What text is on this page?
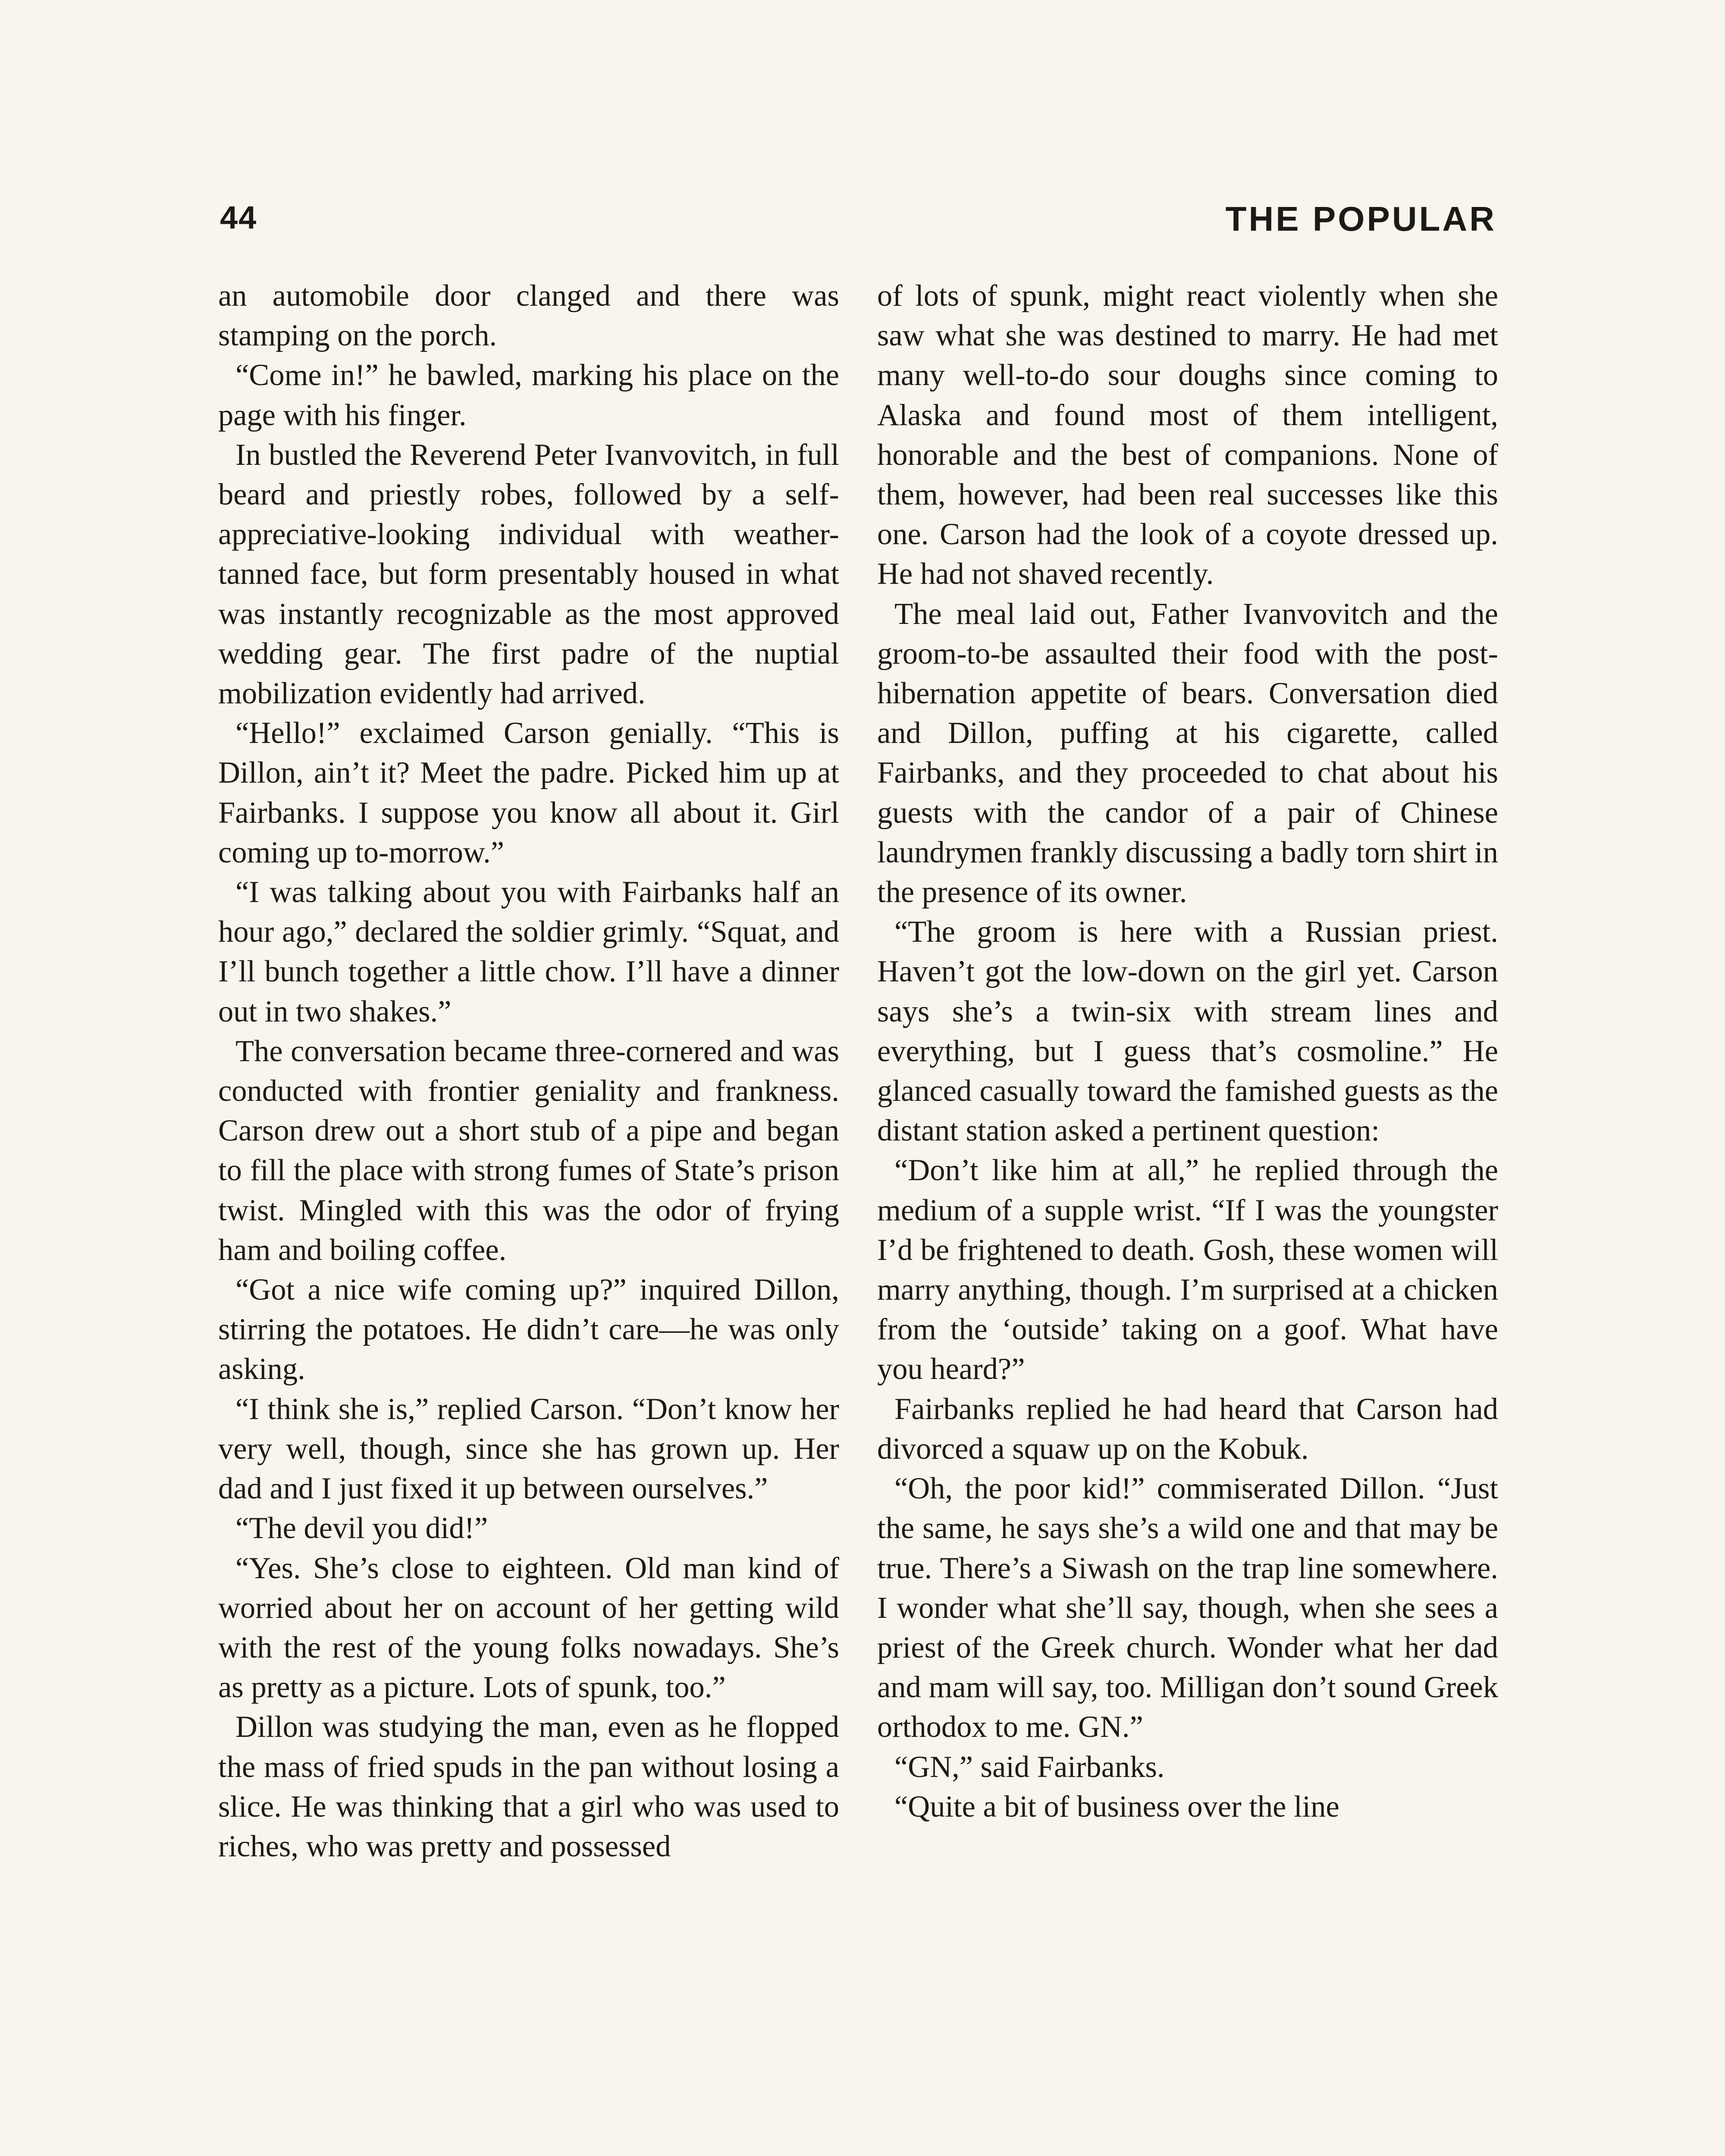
44	THE POPULAR

an automobile door clanged and there was stamping on the porch.

“Come in!” he bawled, marking his place on the page with his finger.

In bustled the Reverend Peter Ivanvovitch, in full beard and priestly robes, followed by a self-appreciative-looking individual with weather-tanned face, but form presentably housed in what was instantly recognizable as the most approved wedding gear. The first padre of the nuptial mobilization evidently had arrived.

“Hello!” exclaimed Carson genially. “This is Dillon, ain’t it? Meet the padre. Picked him up at Fairbanks. I suppose you know all about it. Girl coming up to-morrow.”

“I was talking about you with Fairbanks half an hour ago,” declared the soldier grimly. “Squat, and I’ll bunch together a little chow. I’ll have a dinner out in two shakes.”

The conversation became three-cornered and was conducted with frontier geniality and frankness. Carson drew out a short stub of a pipe and began to fill the place with strong fumes of State’s prison twist. Mingled with this was the odor of frying ham and boiling coffee.

“Got a nice wife coming up?” inquired Dillon, stirring the potatoes. He didn’t care—he was only asking.

“I think she is,” replied Carson. “Don’t know her very well, though, since she has grown up. Her dad and I just fixed it up between ourselves.”

“The devil you did!”

“Yes. She’s close to eighteen. Old man kind of worried about her on account of her getting wild with the rest of the young folks nowadays. She’s as pretty as a picture. Lots of spunk, too.”

Dillon was studying the man, even as he flopped the mass of fried spuds in the pan without losing a slice. He was thinking that a girl who was used to riches, who was pretty and possessed

of lots of spunk, might react violently when she saw what she was destined to marry. He had met many well-to-do sour doughs since coming to Alaska and found most of them intelligent, honorable and the best of companions. None of them, however, had been real successes like this one. Carson had the look of a coyote dressed up. He had not shaved recently.

The meal laid out, Father Ivanvovitch and the groom-to-be assaulted their food with the post-hibernation appetite of bears. Conversation died and Dillon, puffing at his cigarette, called Fairbanks, and they proceeded to chat about his guests with the candor of a pair of Chinese laundrymen frankly discussing a badly torn shirt in the presence of its owner.

“The groom is here with a Russian priest. Haven’t got the low-down on the girl yet. Carson says she’s a twin-six with stream lines and everything, but I guess that’s cosmoline.” He glanced casually toward the famished guests as the distant station asked a pertinent question:

“Don’t like him at all,” he replied through the medium of a supple wrist. “If I was the youngster I’d be frightened to death. Gosh, these women will marry anything, though. I’m surprised at a chicken from the ‘outside’ taking on a goof. What have you heard?”

Fairbanks replied he had heard that Carson had divorced a squaw up on the Kobuk.

“Oh, the poor kid!” commiserated Dillon. “Just the same, he says she’s a wild one and that may be true. There’s a Siwash on the trap line somewhere. I wonder what she’ll say, though, when she sees a priest of the Greek church. Wonder what her dad and mam will say, too. Milligan don’t sound Greek orthodox to me. GN.”

“GN,” said Fairbanks.

“Quite a bit of business over the line
